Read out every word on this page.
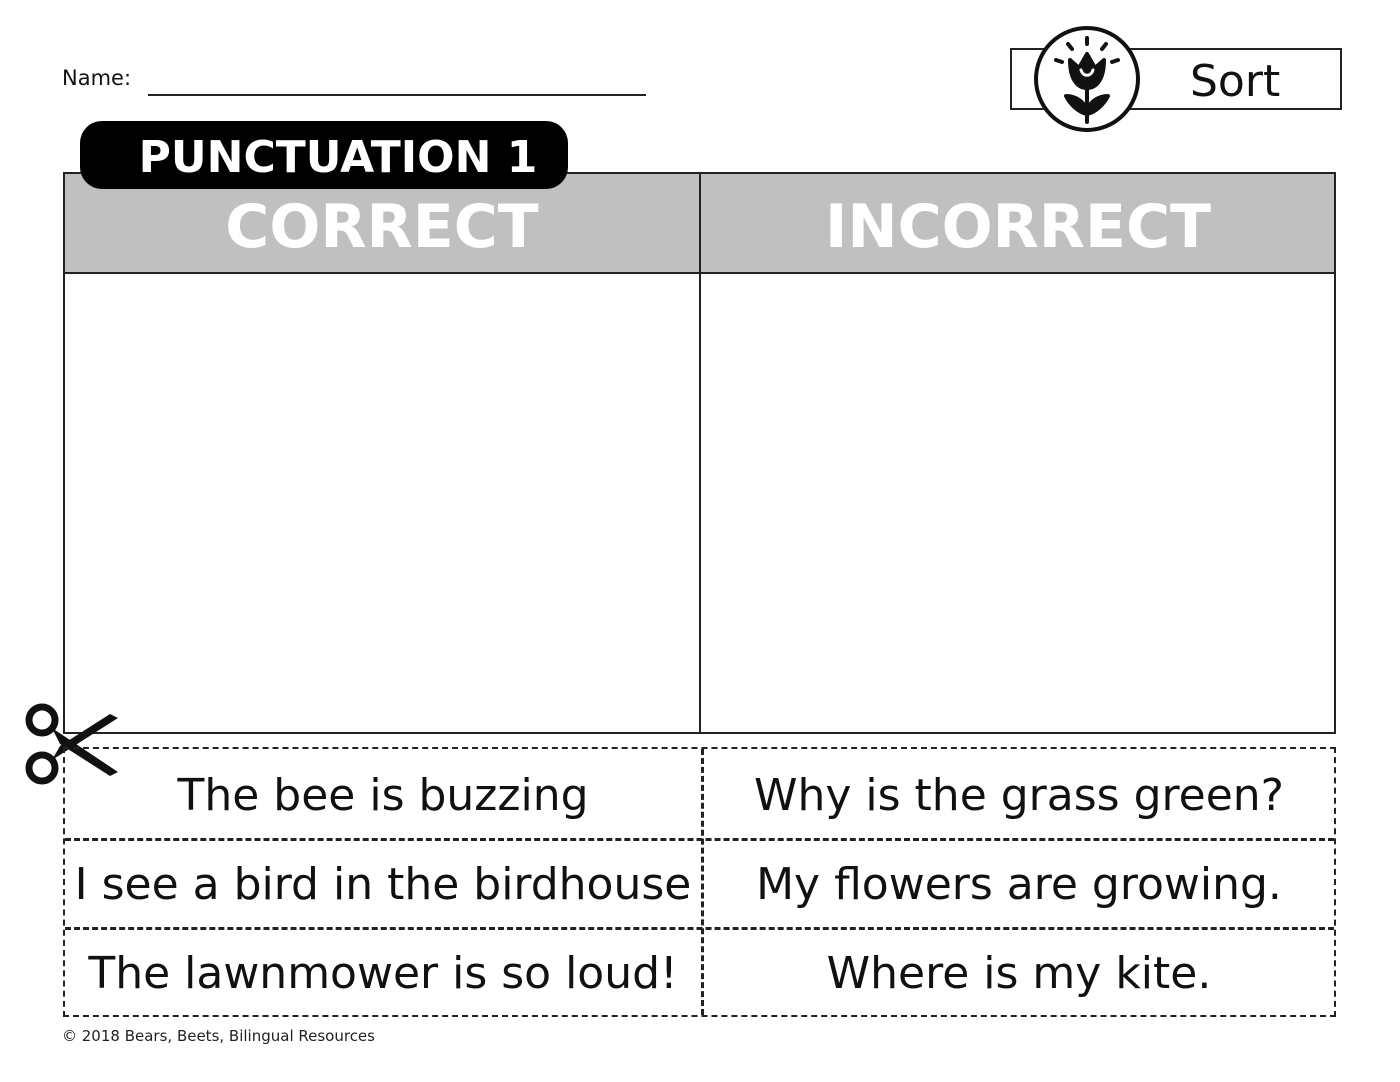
Name:	Sort
PUNCTUATION 1
CORRECT	INCORRECT
The bee is buzzing	Why is the grass green?
I see a bird in the birdhouse	My flowers are growing.
The lawnmower is so loud!	Where is my kite.
© 2018 Bears, Beets, Bilingual Resources
